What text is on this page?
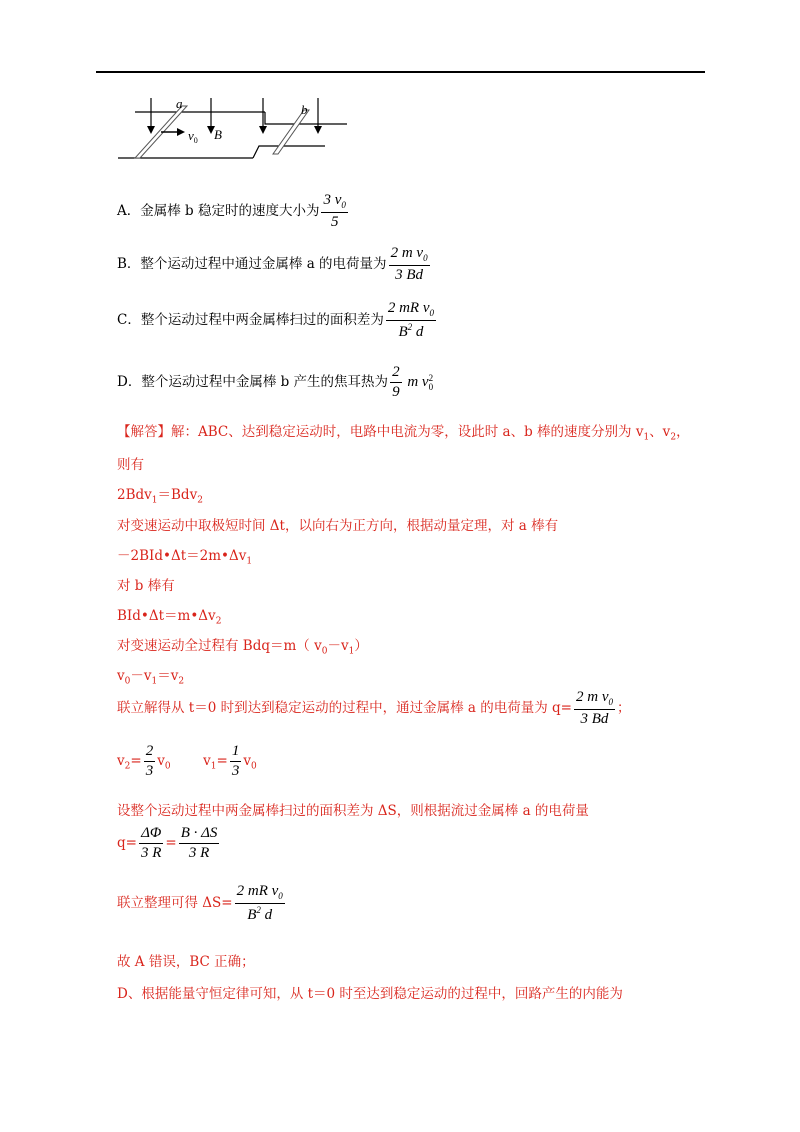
a	b
$v_0$ B
A．金属棒 b 稳定时的速度大小为 $\frac{3 v_0}{5}$
B．整个运动过程中通过金属棒 a 的电荷量为 $\frac{2 m v_0}{3 Bd}$
C．整个运动过程中两金属棒扫过的面积差为 $\frac{2 mR v_0}{B^2 d}$
D．整个运动过程中金属棒 b 产生的焦耳热为 $\frac{2}{9}$ m v 2
0
【解答】解：ABC、达到稳定运动时，电路中电流为零，设此时 a、b 棒的速度分别为 $v_1$、$v_2$，
则有
2Bdv$_1$＝Bdv$_2$
对变速运动中取极短时间 Δt，以向右为正方向，根据动量定理，对 a 棒有
$-2BId•\Delta t=2m•\Delta v_1$
对 b 棒有
$BId•\Delta t=m•\Delta v_2$
对变速运动全过程有 Bdq＝m（ $v_0-v_1$）
$v_0-v_1=v_2$
联立解得从 t＝0 时到达到稳定运动的过程中，通过金属棒 a 的电荷量为 $q= \frac{2 m v_0}{3 Bd}$ ；
$v_2= \frac{2}{3} v_0$ $v_1= \frac{1}{3} v_0$
设整个运动过程中两金属棒扫过的面积差为 ΔS，则根据流过金属棒 a 的电荷量
$q= \frac{\Delta\Phi}{3 R} = \frac{B \cdot \Delta S}{3 R}$
联立整理可得 $\Delta S= \frac{2 mR v_0}{B^2 d}$
故 A 错误，BC 正确；
D、根据能量守恒定律可知，从 t＝0 时至达到稳定运动的过程中，回路产生的内能为
